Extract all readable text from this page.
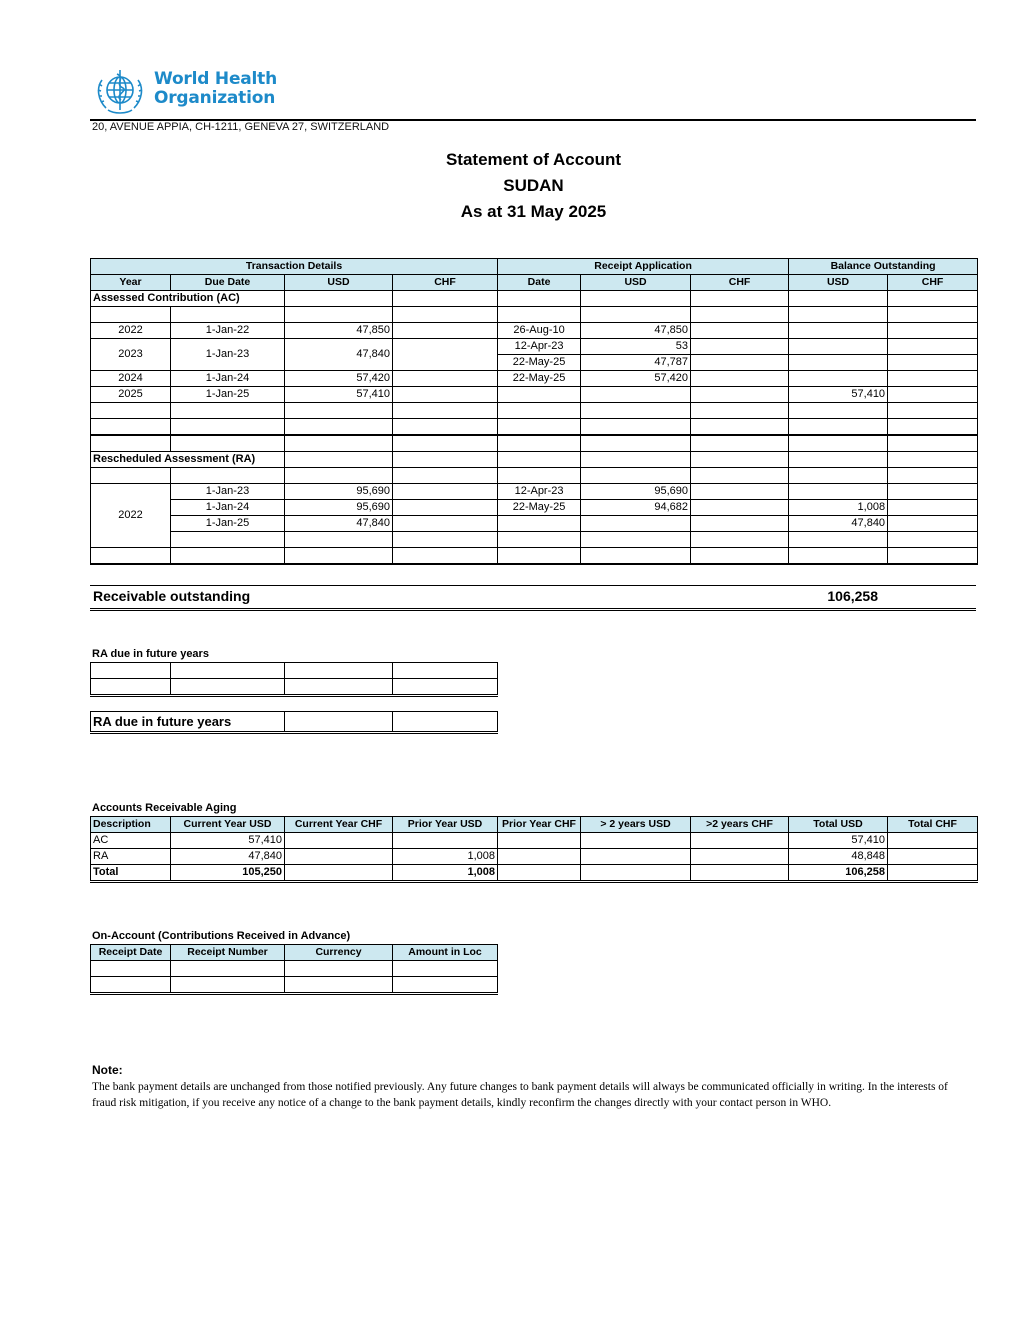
World Health
Organization
20, AVENUE APPIA, CH-1211, GENEVA 27, SWITZERLAND
Statement of Account
SUDAN
As at 31 May 2025
Transaction Details				Receipt Application			Balance Outstanding	
Year	Due Date	USD	CHF	Date	USD	CHF	USD	CHF
Assessed Contribution (AC)								

2022	1-Jan-22	47,850		26-Aug-10	47,850			
2023	1-Jan-23	47,840		12-Apr-23	53			
				22-May-25	47,787			
2024	1-Jan-24	57,420		22-May-25	57,420			
2025	1-Jan-25	57,410					57,410	

Rescheduled Assessment (RA)								

2022	1-Jan-23	95,690		12-Apr-23	95,690			
	1-Jan-24	95,690		22-May-25	94,682		1,008	
	1-Jan-25	47,840					47,840	

Receivable outstanding	106,258
RA due in future years

RA due in future years		
Accounts Receivable Aging
Description	Current Year USD	Current Year CHF	Prior Year USD	Prior Year CHF	> 2 years USD	>2 years CHF	Total USD	Total CHF
AC	57,410						57,410	
RA	47,840		1,008				48,848	
Total	105,250		1,008				106,258	
On-Account (Contributions Received in Advance)
Receipt Date	Receipt Number	Currency	Amount in Loc

Note:
The bank payment details are unchanged from those notified previously. Any future changes to bank payment details will always be communicated officially in writing. In the interests of fraud risk mitigation, if you receive any notice of a change to the bank payment details, kindly reconfirm the changes directly with your contact person in WHO.
